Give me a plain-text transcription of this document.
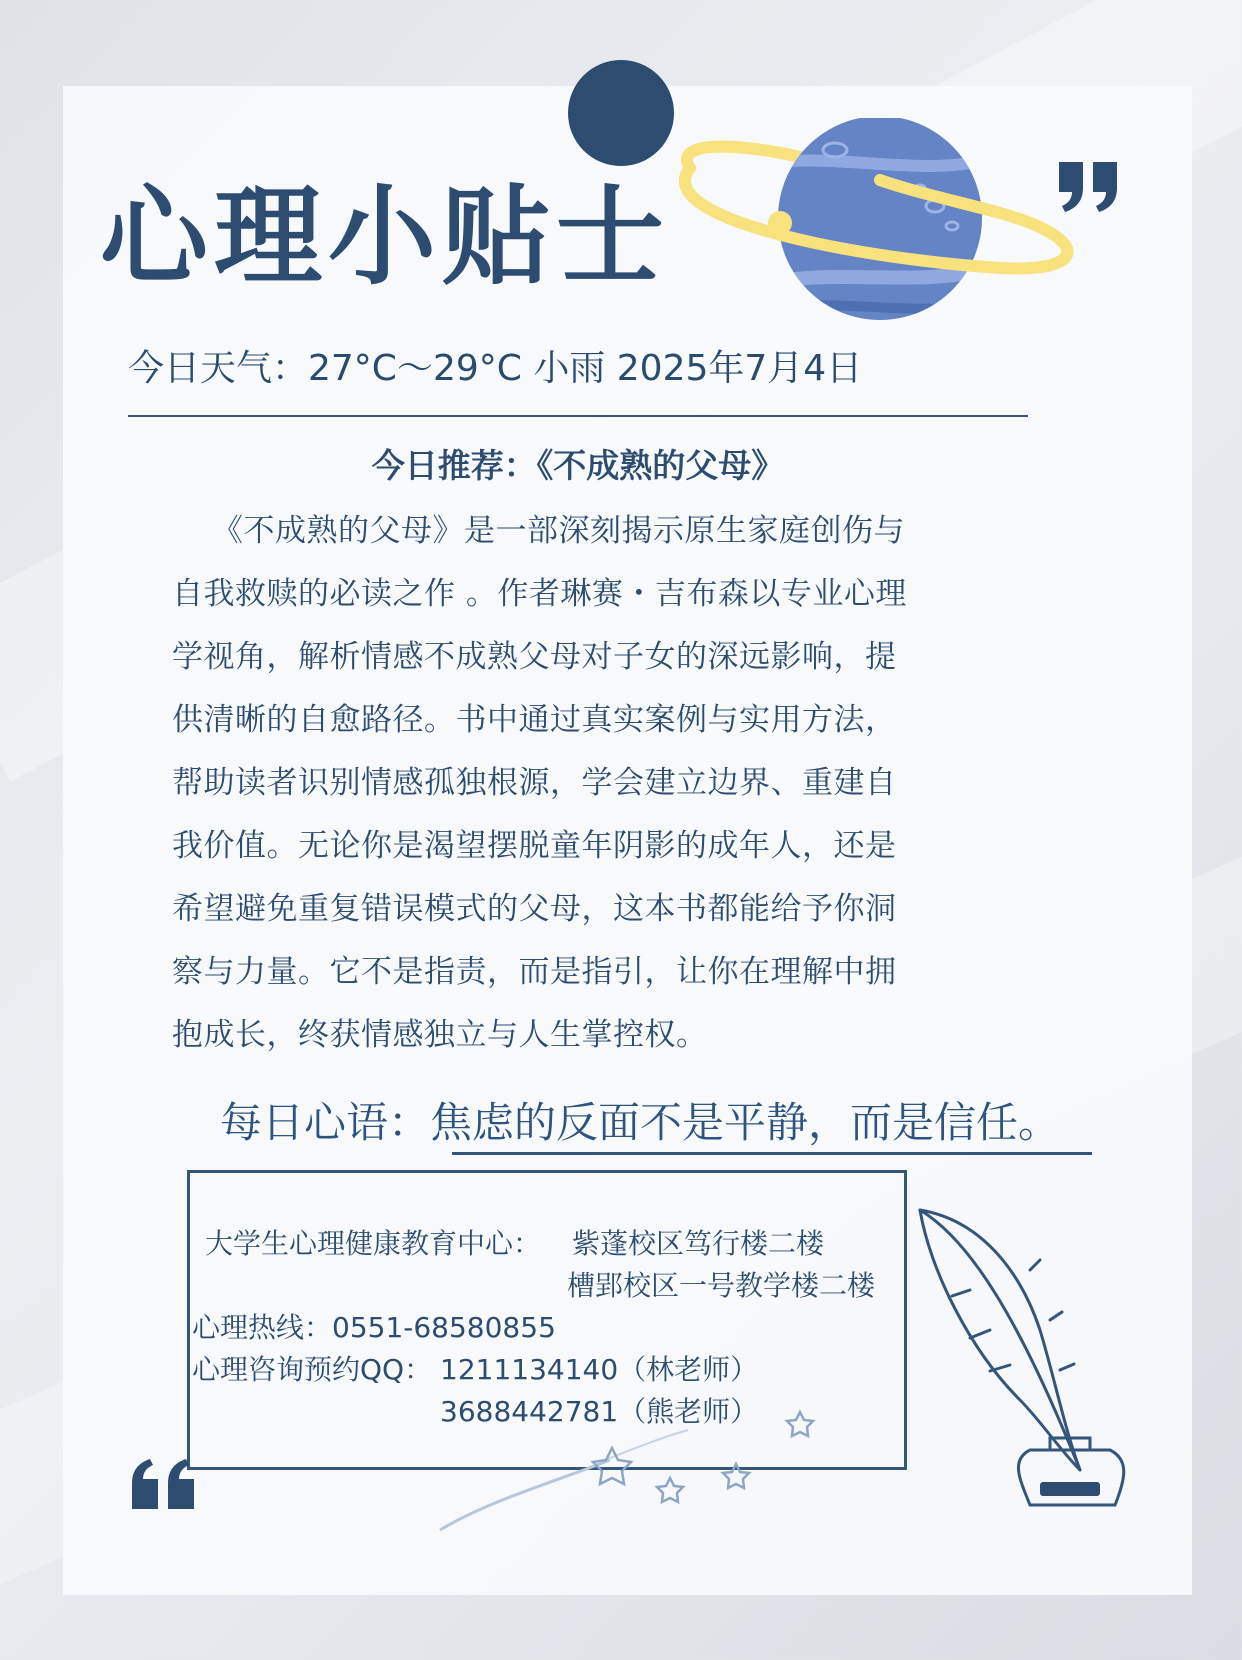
心理小贴士
今日天气：27°C～29°C 小雨 2025年7月4日
今日推荐：《不成熟的父母》
《不成熟的父母》是一部深刻揭示原生家庭创伤与
自我救赎的必读之作 。作者琳赛・吉布森以专业心理
学视角，解析情感不成熟父母对子女的深远影响，提
供清晰的自愈路径。书中通过真实案例与实用方法，
帮助读者识别情感孤独根源，学会建立边界、重建自
我价值。无论你是渴望摆脱童年阴影的成年人，还是
希望避免重复错误模式的父母，这本书都能给予你洞
察与力量。它不是指责，而是指引，让你在理解中拥
抱成长，终获情感独立与人生掌控权。
每日心语：焦虑的反面不是平静，而是信任。
大学生心理健康教育中心： 紫蓬校区笃行楼二楼
槽郢校区一号教学楼二楼
心理热线：0551-68580855
心理咨询预约QQ： 1211134140（林老师）
3688442781（熊老师）
